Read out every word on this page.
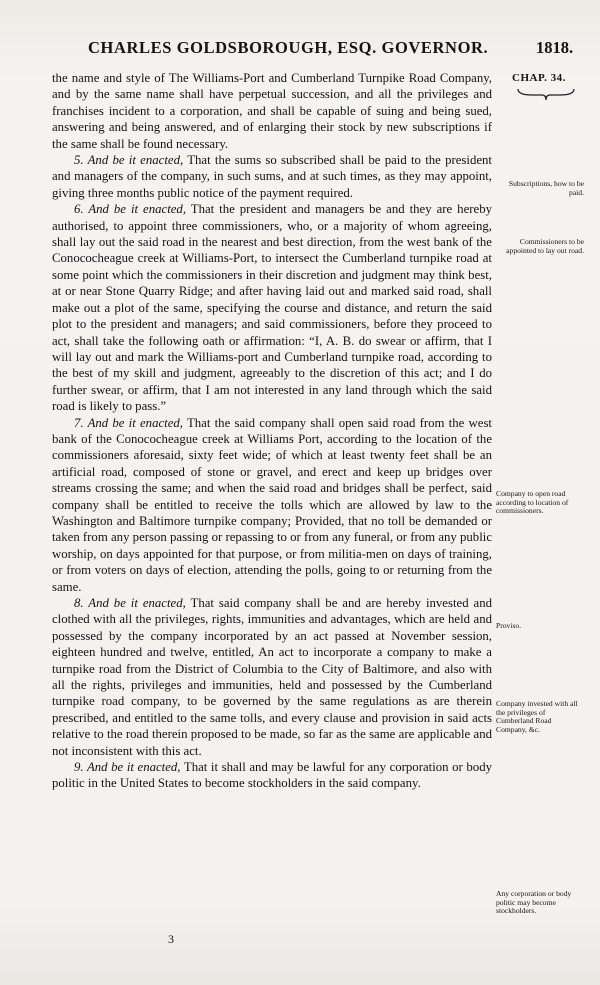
CHARLES GOLDSBOROUGH, ESQ. GOVERNOR.	1818.
CHAP. 34.

the name and style of The Williams-Port and Cumberland Turnpike Road Company, and by the same name shall have perpetual succession, and all the privileges and franchises incident to a corporation, and shall be capable of suing and being sued, answering and being answered, and of enlarging their stock by new subscriptions if the same shall be found necessary.

5. And be it enacted, That the sums so subscribed shall be paid to the president and managers of the company, in such sums, and at such times, as they may appoint, giving three months public notice of the payment required.

6. And be it enacted, That the president and managers be and they are hereby authorised, to appoint three commissioners, who, or a majority of whom agreeing, shall lay out the said road in the nearest and best direction, from the west bank of the Conococheague creek at Williams-Port, to intersect the Cumberland turnpike road at some point which the commissioners in their discretion and judgment may think best, at or near Stone Quarry Ridge; and after having laid out and marked said road, shall make out a plot of the same, specifying the course and distance, and return the said plot to the president and managers; and said commissioners, before they proceed to act, shall take the following oath or affirmation: “I, A. B. do swear or affirm, that I will lay out and mark the Williams-port and Cumberland turnpike road, according to the best of my skill and judgment, agreeably to the discretion of this act; and I do further swear, or affirm, that I am not interested in any land through which the said road is likely to pass.”

7. And be it enacted, That the said company shall open said road from the west bank of the Conococheague creek at Williams Port, according to the location of the commissioners aforesaid, sixty feet wide; of which at least twenty feet shall be an artificial road, composed of stone or gravel, and erect and keep up bridges over streams crossing the same; and when the said road and bridges shall be perfect, said company shall be entitled to receive the tolls which are allowed by law to the Washington and Baltimore turnpike company; Provided, that no toll be demanded or taken from any person passing or repassing to or from any funeral, or from any public worship, on days appointed for that purpose, or from militia-men on days of training, or from voters on days of election, attending the polls, going to or returning from the same.

8. And be it enacted, That said company shall be and are hereby invested and clothed with all the privileges, rights, immunities and advantages, which are held and possessed by the company incorporated by an act passed at November session, eighteen hundred and twelve, entitled, An act to incorporate a company to make a turnpike road from the District of Columbia to the City of Baltimore, and also with all the rights, privileges and immunities, held and possessed by the Cumberland turnpike road company, to be governed by the same regulations as are therein prescribed, and entitled to the same tolls, and every clause and provision in said acts relative to the road therein proposed to be made, so far as the same are applicable and not inconsistent with this act.

9. And be it enacted, That it shall and may be lawful for any corporation or body politic in the United States to become stockholders in the said company.

Subscriptions, how to be paid.
Commissioners to be appointed to lay out road.
Company to open road according to location of commissioners.
Proviso.
Company invested with all the privileges of Cumberland Road Company, &c.
Any corporation or body politic may become stockholders.
3
